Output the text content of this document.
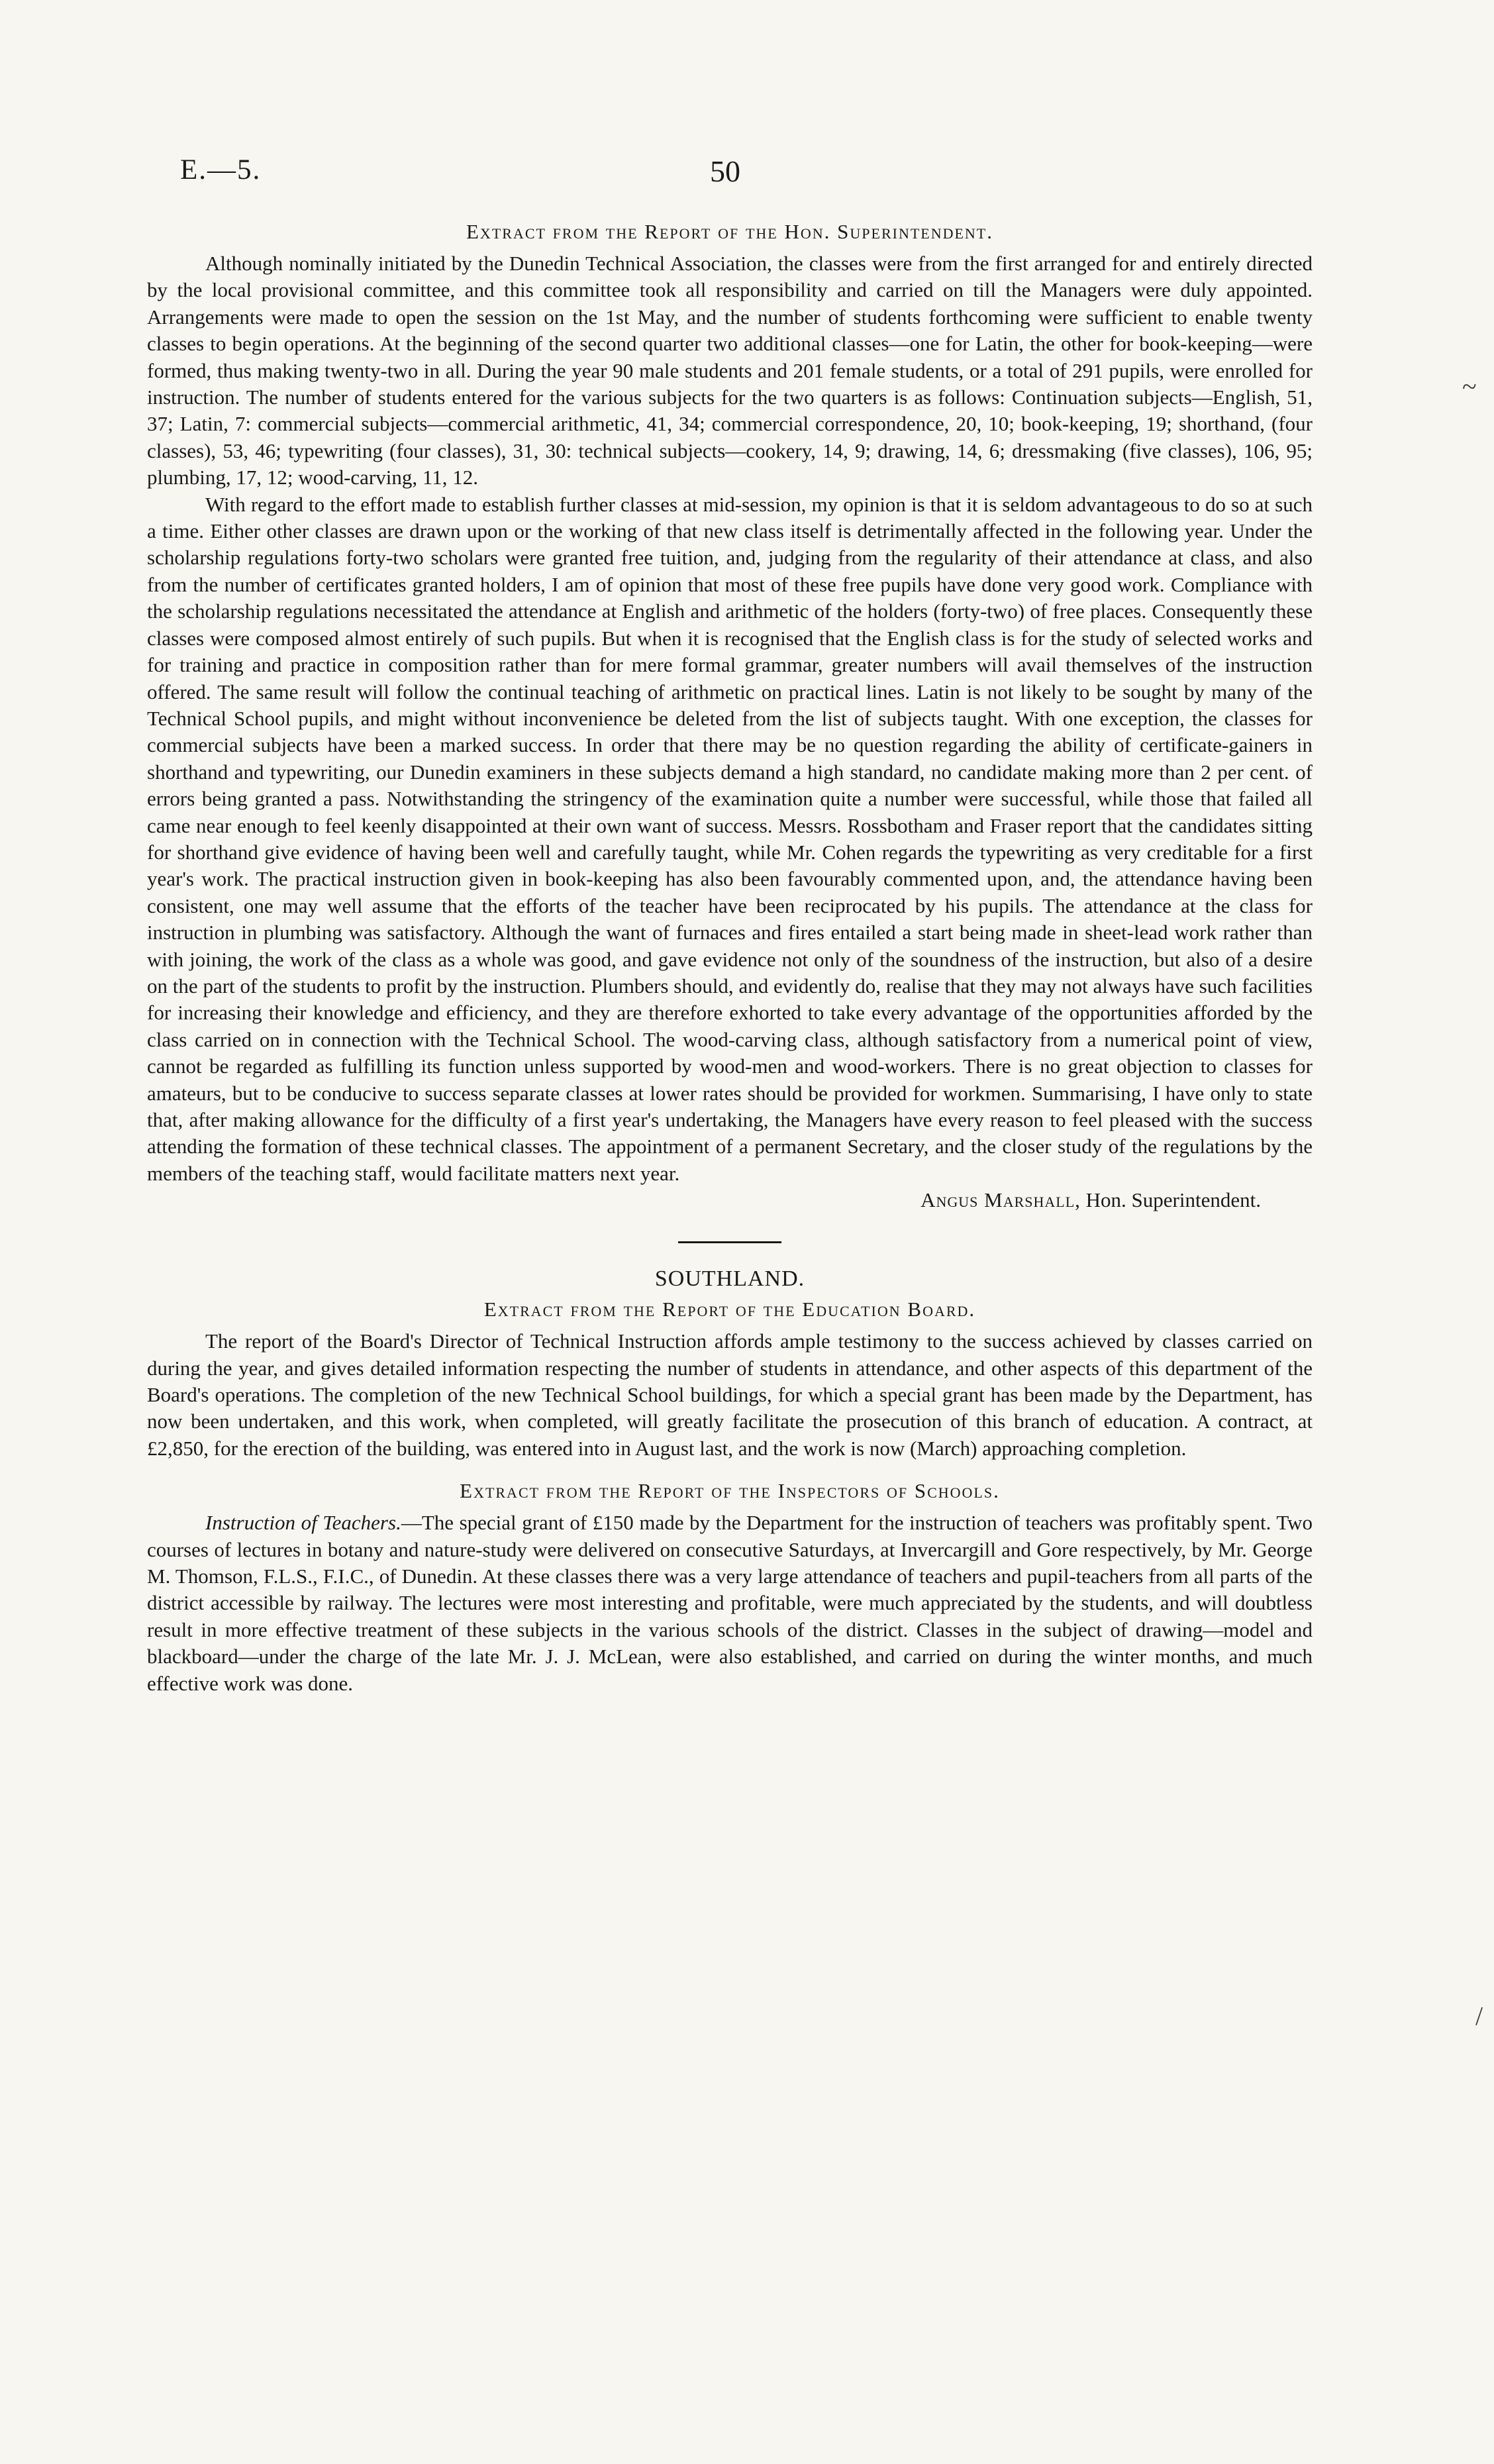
E.—5.	50
Extract from the Report of the Hon. Superintendent.

Although nominally initiated by the Dunedin Technical Association, the classes were from the first arranged for and entirely directed by the local provisional committee, and this committee took all responsibility and carried on till the Managers were duly appointed. Arrangements were made to open the session on the 1st May, and the number of students forthcoming were sufficient to enable twenty classes to begin operations. At the beginning of the second quarter two additional classes—one for Latin, the other for book-keeping—were formed, thus making twenty-two in all. During the year 90 male students and 201 female students, or a total of 291 pupils, were enrolled for instruction. The number of students entered for the various subjects for the two quarters is as follows: Continuation subjects—English, 51, 37; Latin, 7: commercial subjects—commercial arithmetic, 41, 34; commercial correspondence, 20, 10; book-keeping, 19; shorthand, (four classes), 53, 46; typewriting (four classes), 31, 30: technical subjects—cookery, 14, 9; drawing, 14, 6; dressmaking (five classes), 106, 95; plumbing, 17, 12; wood-carving, 11, 12.

With regard to the effort made to establish further classes at mid-session, my opinion is that it is seldom advantageous to do so at such a time. Either other classes are drawn upon or the working of that new class itself is detrimentally affected in the following year. Under the scholarship regulations forty-two scholars were granted free tuition, and, judging from the regularity of their attendance at class, and also from the number of certificates granted holders, I am of opinion that most of these free pupils have done very good work. Compliance with the scholarship regulations necessitated the attendance at English and arithmetic of the holders (forty-two) of free places. Consequently these classes were composed almost entirely of such pupils. But when it is recognised that the English class is for the study of selected works and for training and practice in composition rather than for mere formal grammar, greater numbers will avail themselves of the instruction offered. The same result will follow the continual teaching of arithmetic on practical lines. Latin is not likely to be sought by many of the Technical School pupils, and might without inconvenience be deleted from the list of subjects taught. With one exception, the classes for commercial subjects have been a marked success. In order that there may be no question regarding the ability of certificate-gainers in shorthand and typewriting, our Dunedin examiners in these subjects demand a high standard, no candidate making more than 2 per cent. of errors being granted a pass. Notwithstanding the stringency of the examination quite a number were successful, while those that failed all came near enough to feel keenly disappointed at their own want of success. Messrs. Rossbotham and Fraser report that the candidates sitting for shorthand give evidence of having been well and carefully taught, while Mr. Cohen regards the typewriting as very creditable for a first year's work. The practical instruction given in book-keeping has also been favourably commented upon, and, the attendance having been consistent, one may well assume that the efforts of the teacher have been reciprocated by his pupils. The attendance at the class for instruction in plumbing was satisfactory. Although the want of furnaces and fires entailed a start being made in sheet-lead work rather than with joining, the work of the class as a whole was good, and gave evidence not only of the soundness of the instruction, but also of a desire on the part of the students to profit by the instruction. Plumbers should, and evidently do, realise that they may not always have such facilities for increasing their knowledge and efficiency, and they are therefore exhorted to take every advantage of the opportunities afforded by the class carried on in connection with the Technical School. The wood-carving class, although satisfactory from a numerical point of view, cannot be regarded as fulfilling its function unless supported by wood-men and wood-workers. There is no great objection to classes for amateurs, but to be conducive to success separate classes at lower rates should be provided for workmen. Summarising, I have only to state that, after making allowance for the difficulty of a first year's undertaking, the Managers have every reason to feel pleased with the success attending the formation of these technical classes. The appointment of a permanent Secretary, and the closer study of the regulations by the members of the teaching staff, would facilitate matters next year.

Angus Marshall, Hon. Superintendent.

SOUTHLAND.
Extract from the Report of the Education Board.

The report of the Board's Director of Technical Instruction affords ample testimony to the success achieved by classes carried on during the year, and gives detailed information respecting the number of students in attendance, and other aspects of this department of the Board's operations. The completion of the new Technical School buildings, for which a special grant has been made by the Department, has now been undertaken, and this work, when completed, will greatly facilitate the prosecution of this branch of education. A contract, at £2,850, for the erection of the building, was entered into in August last, and the work is now (March) approaching completion.

Extract from the Report of the Inspectors of Schools.

Instruction of Teachers.—The special grant of £150 made by the Department for the instruction of teachers was profitably spent. Two courses of lectures in botany and nature-study were delivered on consecutive Saturdays, at Invercargill and Gore respectively, by Mr. George M. Thomson, F.L.S., F.I.C., of Dunedin. At these classes there was a very large attendance of teachers and pupil-teachers from all parts of the district accessible by railway. The lectures were most interesting and profitable, were much appreciated by the students, and will doubtless result in more effective treatment of these subjects in the various schools of the district. Classes in the subject of drawing—model and blackboard—under the charge of the late Mr. J. J. McLean, were also established, and carried on during the winter months, and much effective work was done.

~
/
